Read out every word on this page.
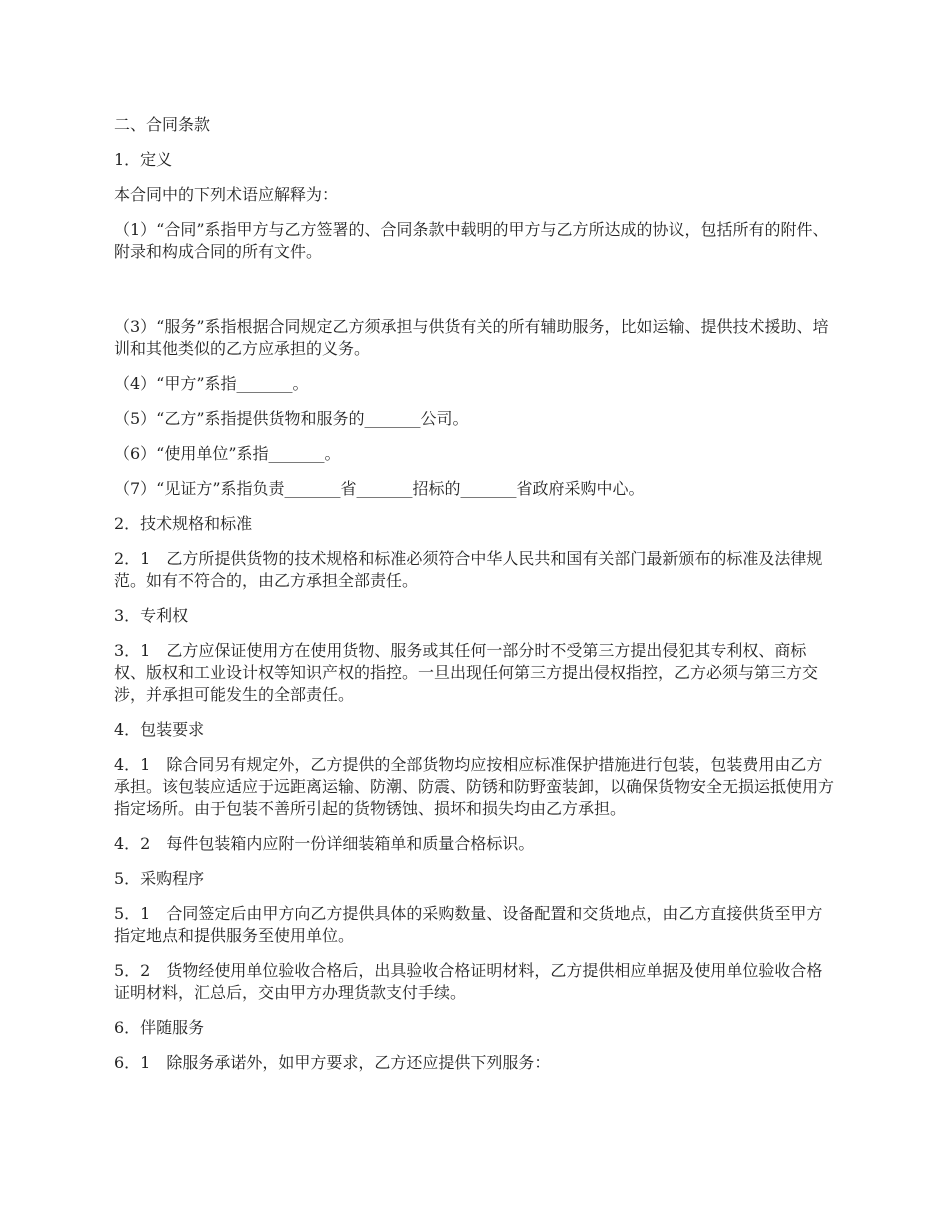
二、合同条款

1．定义

本合同中的下列术语应解释为：

（1）“合同”系指甲方与乙方签署的、合同条款中载明的甲方与乙方所达成的协议，包括所有的附件、附录和构成合同的所有文件。

（3）“服务”系指根据合同规定乙方须承担与供货有关的所有辅助服务，比如运输、提供技术援助、培训和其他类似的乙方应承担的义务。

（4）“甲方”系指_______。

（5）“乙方”系指提供货物和服务的_______公司。

（6）“使用单位”系指_______。

（7）“见证方”系指负责_______省_______招标的_______省政府采购中心。

2．技术规格和标准

2．1　乙方所提供货物的技术规格和标准必须符合中华人民共和国有关部门最新颁布的标准及法律规范。如有不符合的，由乙方承担全部责任。

3．专利权

3．1　乙方应保证使用方在使用货物、服务或其任何一部分时不受第三方提出侵犯其专利权、商标权、版权和工业设计权等知识产权的指控。一旦出现任何第三方提出侵权指控，乙方必须与第三方交涉，并承担可能发生的全部责任。

4．包装要求

4．1　除合同另有规定外，乙方提供的全部货物均应按相应标准保护措施进行包装，包装费用由乙方承担。该包装应适应于远距离运输、防潮、防震、防锈和防野蛮装卸，以确保货物安全无损运抵使用方指定场所。由于包装不善所引起的货物锈蚀、损坏和损失均由乙方承担。

4．2　每件包装箱内应附一份详细装箱单和质量合格标识。

5．采购程序

5．1　合同签定后由甲方向乙方提供具体的采购数量、设备配置和交货地点，由乙方直接供货至甲方指定地点和提供服务至使用单位。

5．2　货物经使用单位验收合格后，出具验收合格证明材料，乙方提供相应单据及使用单位验收合格证明材料，汇总后，交由甲方办理货款支付手续。

6．伴随服务

6．1　除服务承诺外，如甲方要求，乙方还应提供下列服务：
